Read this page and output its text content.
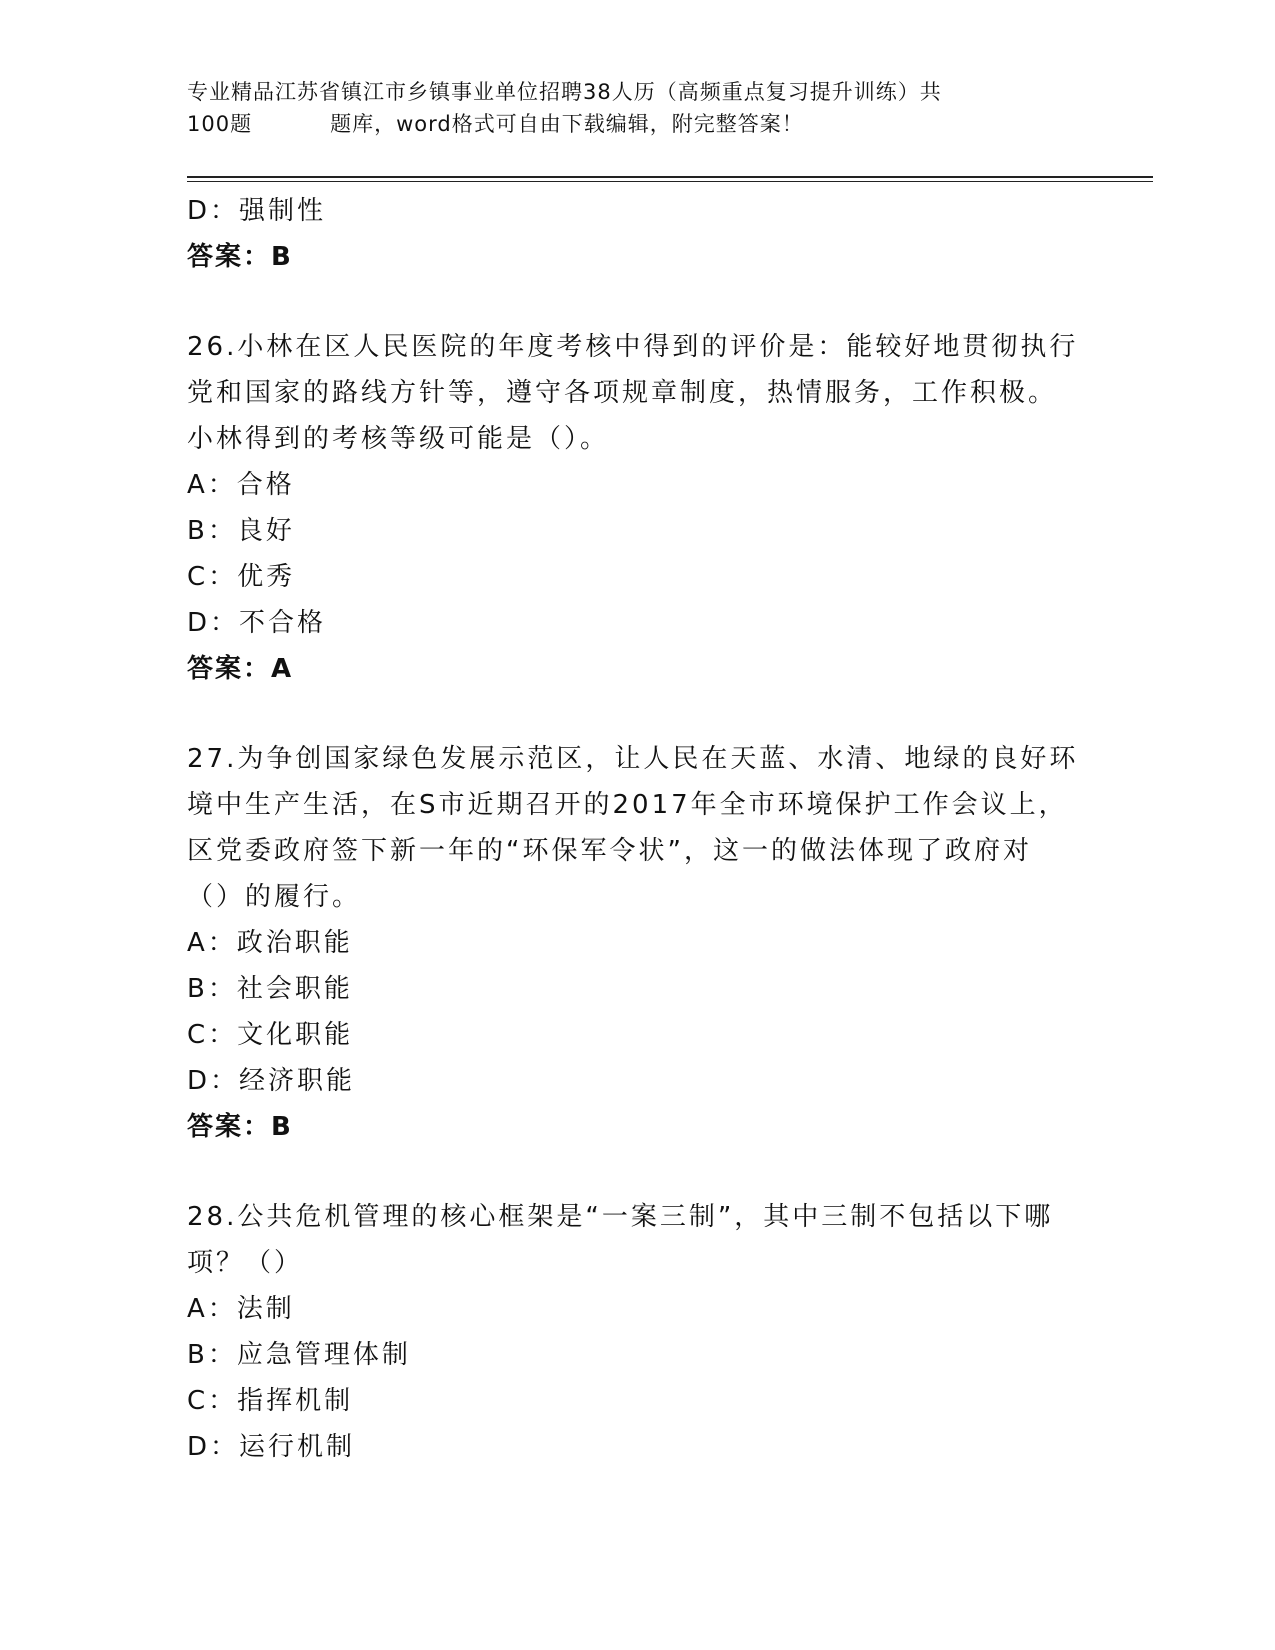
专业精品江苏省镇江市乡镇事业单位招聘38人历（高频重点复习提升训练）共
100题	题库，word格式可自由下载编辑，附完整答案！
D：强制性
答案：B
26.小林在区人民医院的年度考核中得到的评价是：能较好地贯彻执行
党和国家的路线方针等，遵守各项规章制度，热情服务，工作积极。
小林得到的考核等级可能是（）。
A：合格
B：良好
C：优秀
D：不合格
答案：A
27.为争创国家绿色发展示范区，让人民在天蓝、水清、地绿的良好环
境中生产生活，在S市近期召开的2017年全市环境保护工作会议上，
区党委政府签下新一年的“环保军令状”，这一的做法体现了政府对
（）的履行。
A：政治职能
B：社会职能
C：文化职能
D：经济职能
答案：B
28.公共危机管理的核心框架是“一案三制”，其中三制不包括以下哪
项？（）
A：法制
B：应急管理体制
C：指挥机制
D：运行机制
